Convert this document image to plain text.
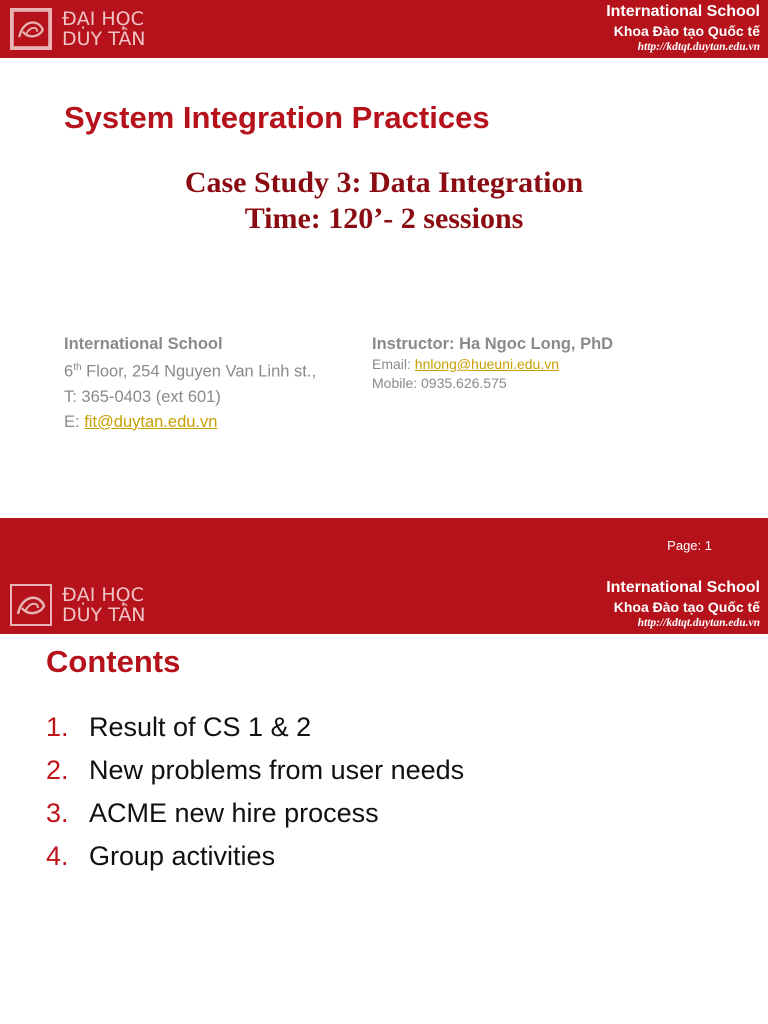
ĐẠI HỌC
DUY TÂN
International School
Khoa Đào tạo Quốc tế
http://kdtqt.duytan.edu.vn
System Integration Practices
Case Study 3: Data Integration
Time: 120’- 2 sessions
International School
6th Floor, 254 Nguyen Van Linh st.,
T: 365-0403 (ext 601)
E: fit@duytan.edu.vn
Instructor: Ha Ngoc Long, PhD
Email: hnlong@hueuni.edu.vn
Mobile: 0935.626.575
Page: 1
ĐẠI HỌC
DUY TÂN
International School
Khoa Đào tạo Quốc tế
http://kdtqt.duytan.edu.vn
Contents
1. Result of CS 1 & 2
2. New problems from user needs
3. ACME new hire process
4. Group activities
